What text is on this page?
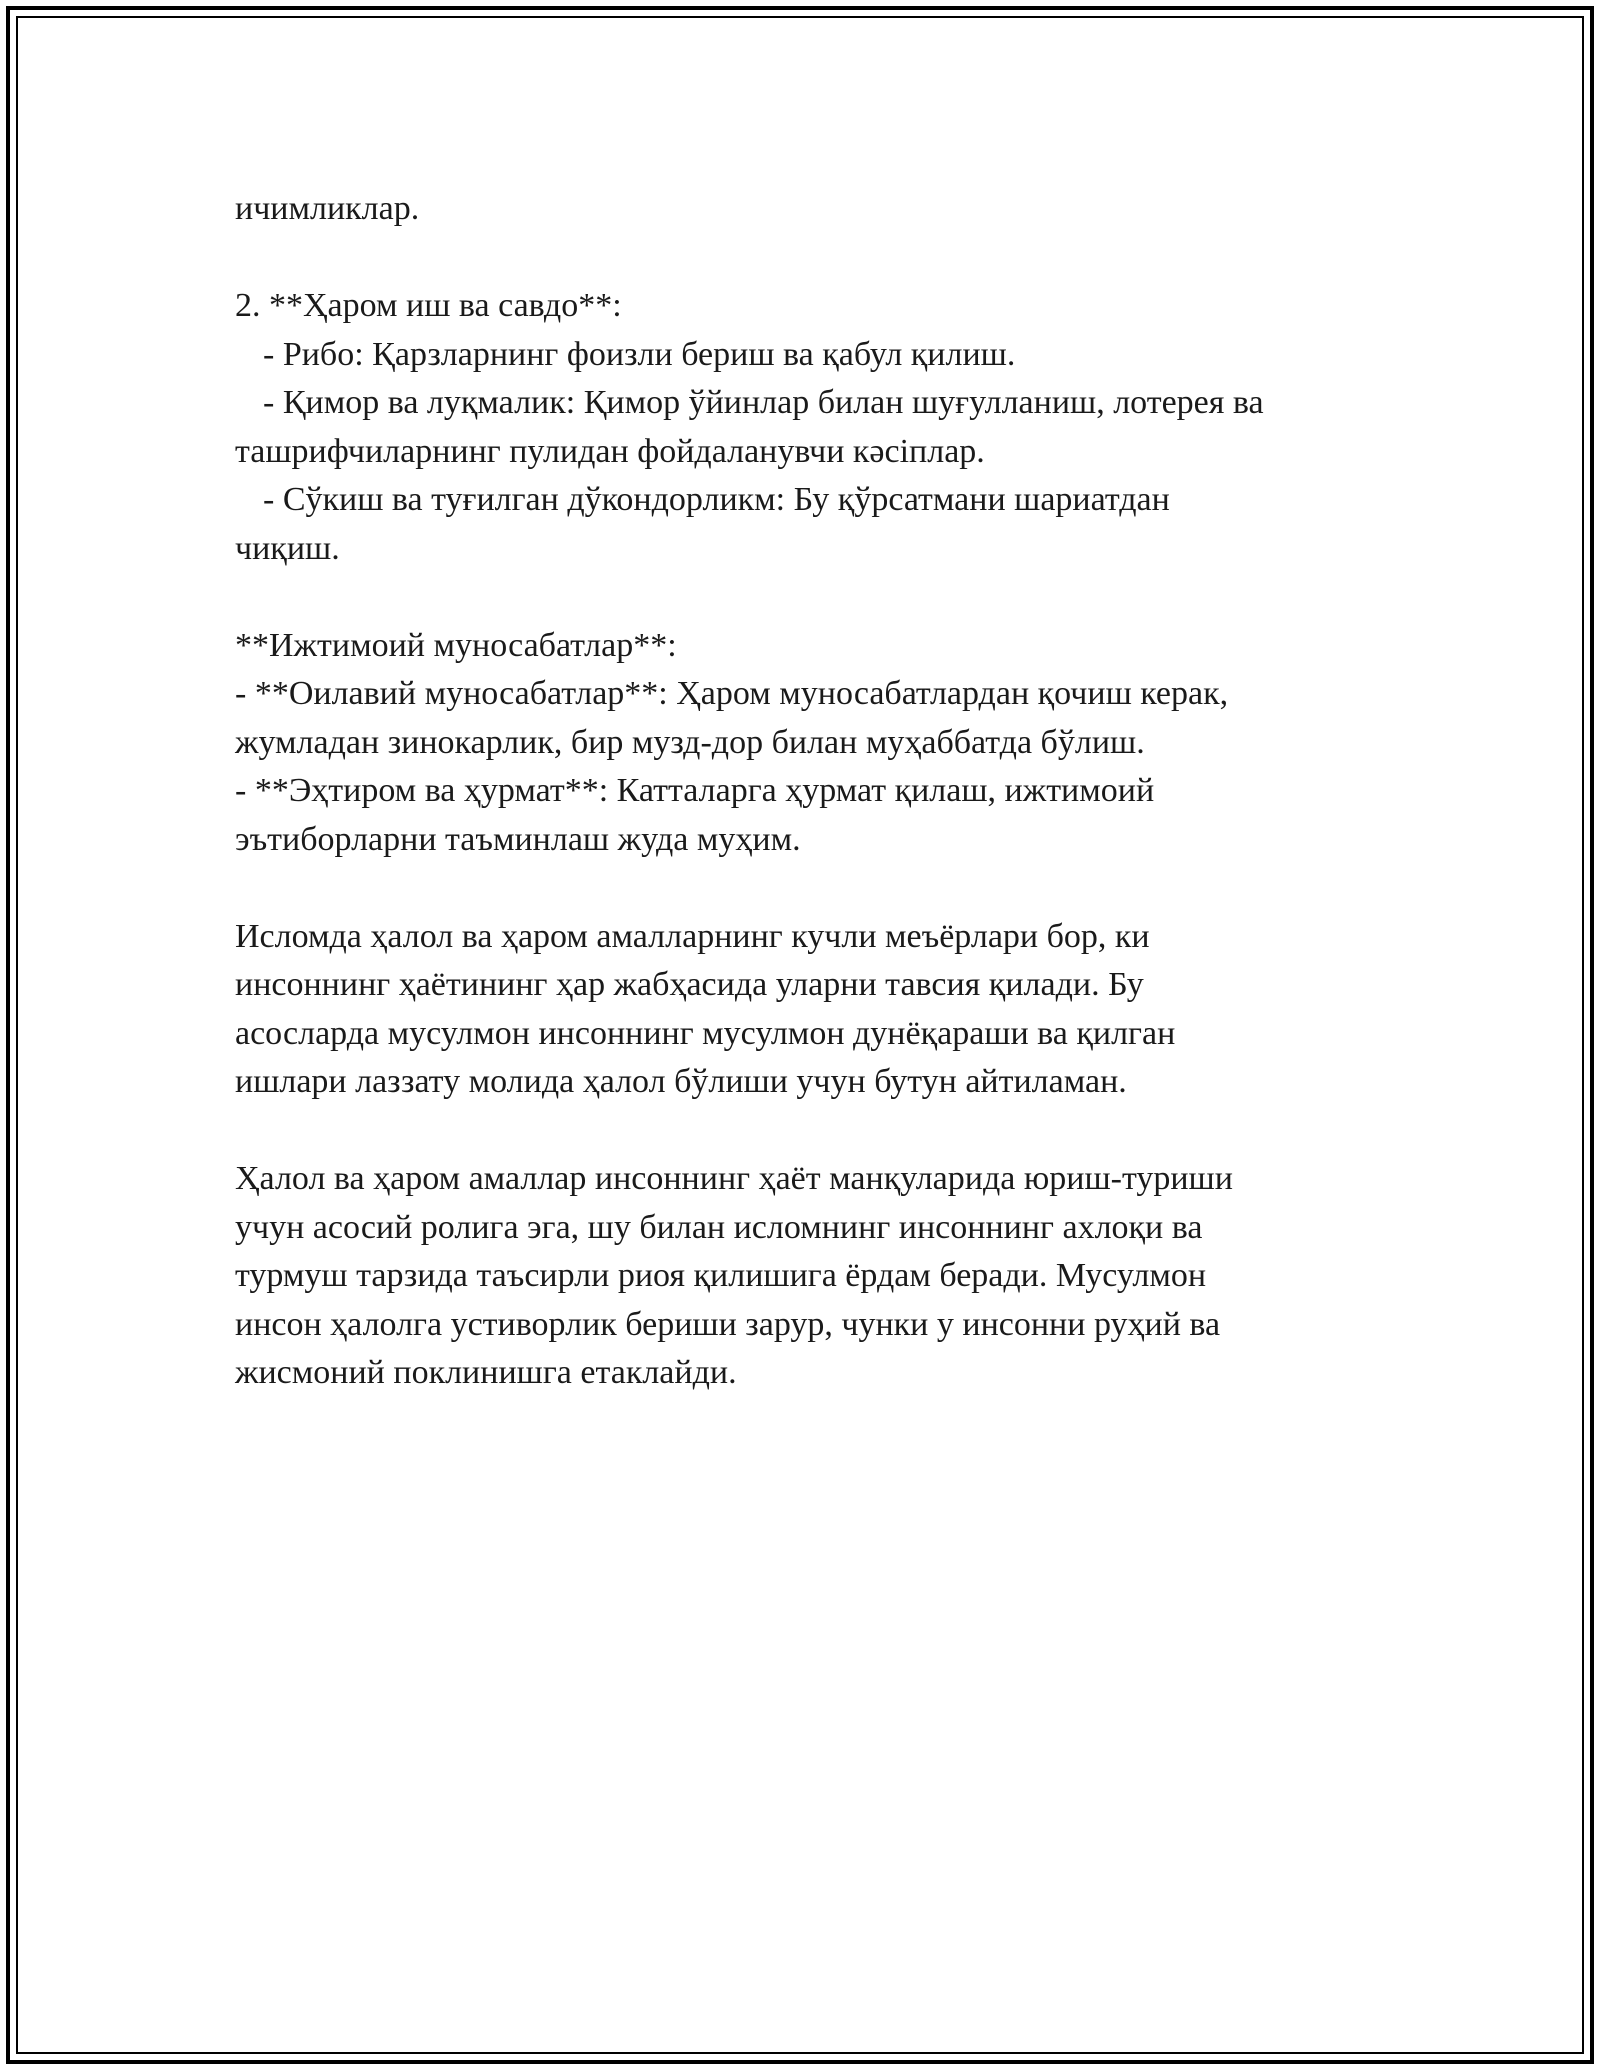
ичимликлар.
2. **Ҳаром иш ва савдо**:
- Рибо: Қарзларнинг фоизли бериш ва қабул қилиш.
- Қимор ва луқмалик: Қимор ўйинлар билан шуғулланиш, лотерея ва
ташрифчиларнинг пулидан фойдаланувчи кәсіплар.
- Сўкиш ва туғилган дўкондорликм: Бу қўрсатмани шариатдан
чиқиш.
**Ижтимоий муносабатлар**:
- **Оилавий муносабатлар**: Ҳаром муносабатлардан қочиш керак,
жумладан зинокарлик, бир музд-дор билан муҳаббатда бўлиш.
- **Эҳтиром ва ҳурмат**: Катталарга ҳурмат қилаш, ижтимоий
эътиборларни таъминлаш жуда муҳим.
Исломда ҳалол ва ҳаром амалларнинг кучли меъёрлари бор, ки
инсоннинг ҳаётининг ҳар жабҳасида уларни тавсия қилади. Бу
асосларда мусулмон инсоннинг мусулмон дунёқараши ва қилган
ишлари лаззату молида ҳалол бўлиши учун бутун айтиламан.
Ҳалол ва ҳаром амаллар инсоннинг ҳаёт манқуларида юриш-туриши
учун асосий ролига эга, шу билан исломнинг инсоннинг ахлоқи ва
турмуш тарзида таъсирли риоя қилишига ёрдам беради. Мусулмон
инсон ҳалолга устиворлик бериши зарур, чунки у инсонни руҳий ва
жисмоний поклинишга етаклайди.
